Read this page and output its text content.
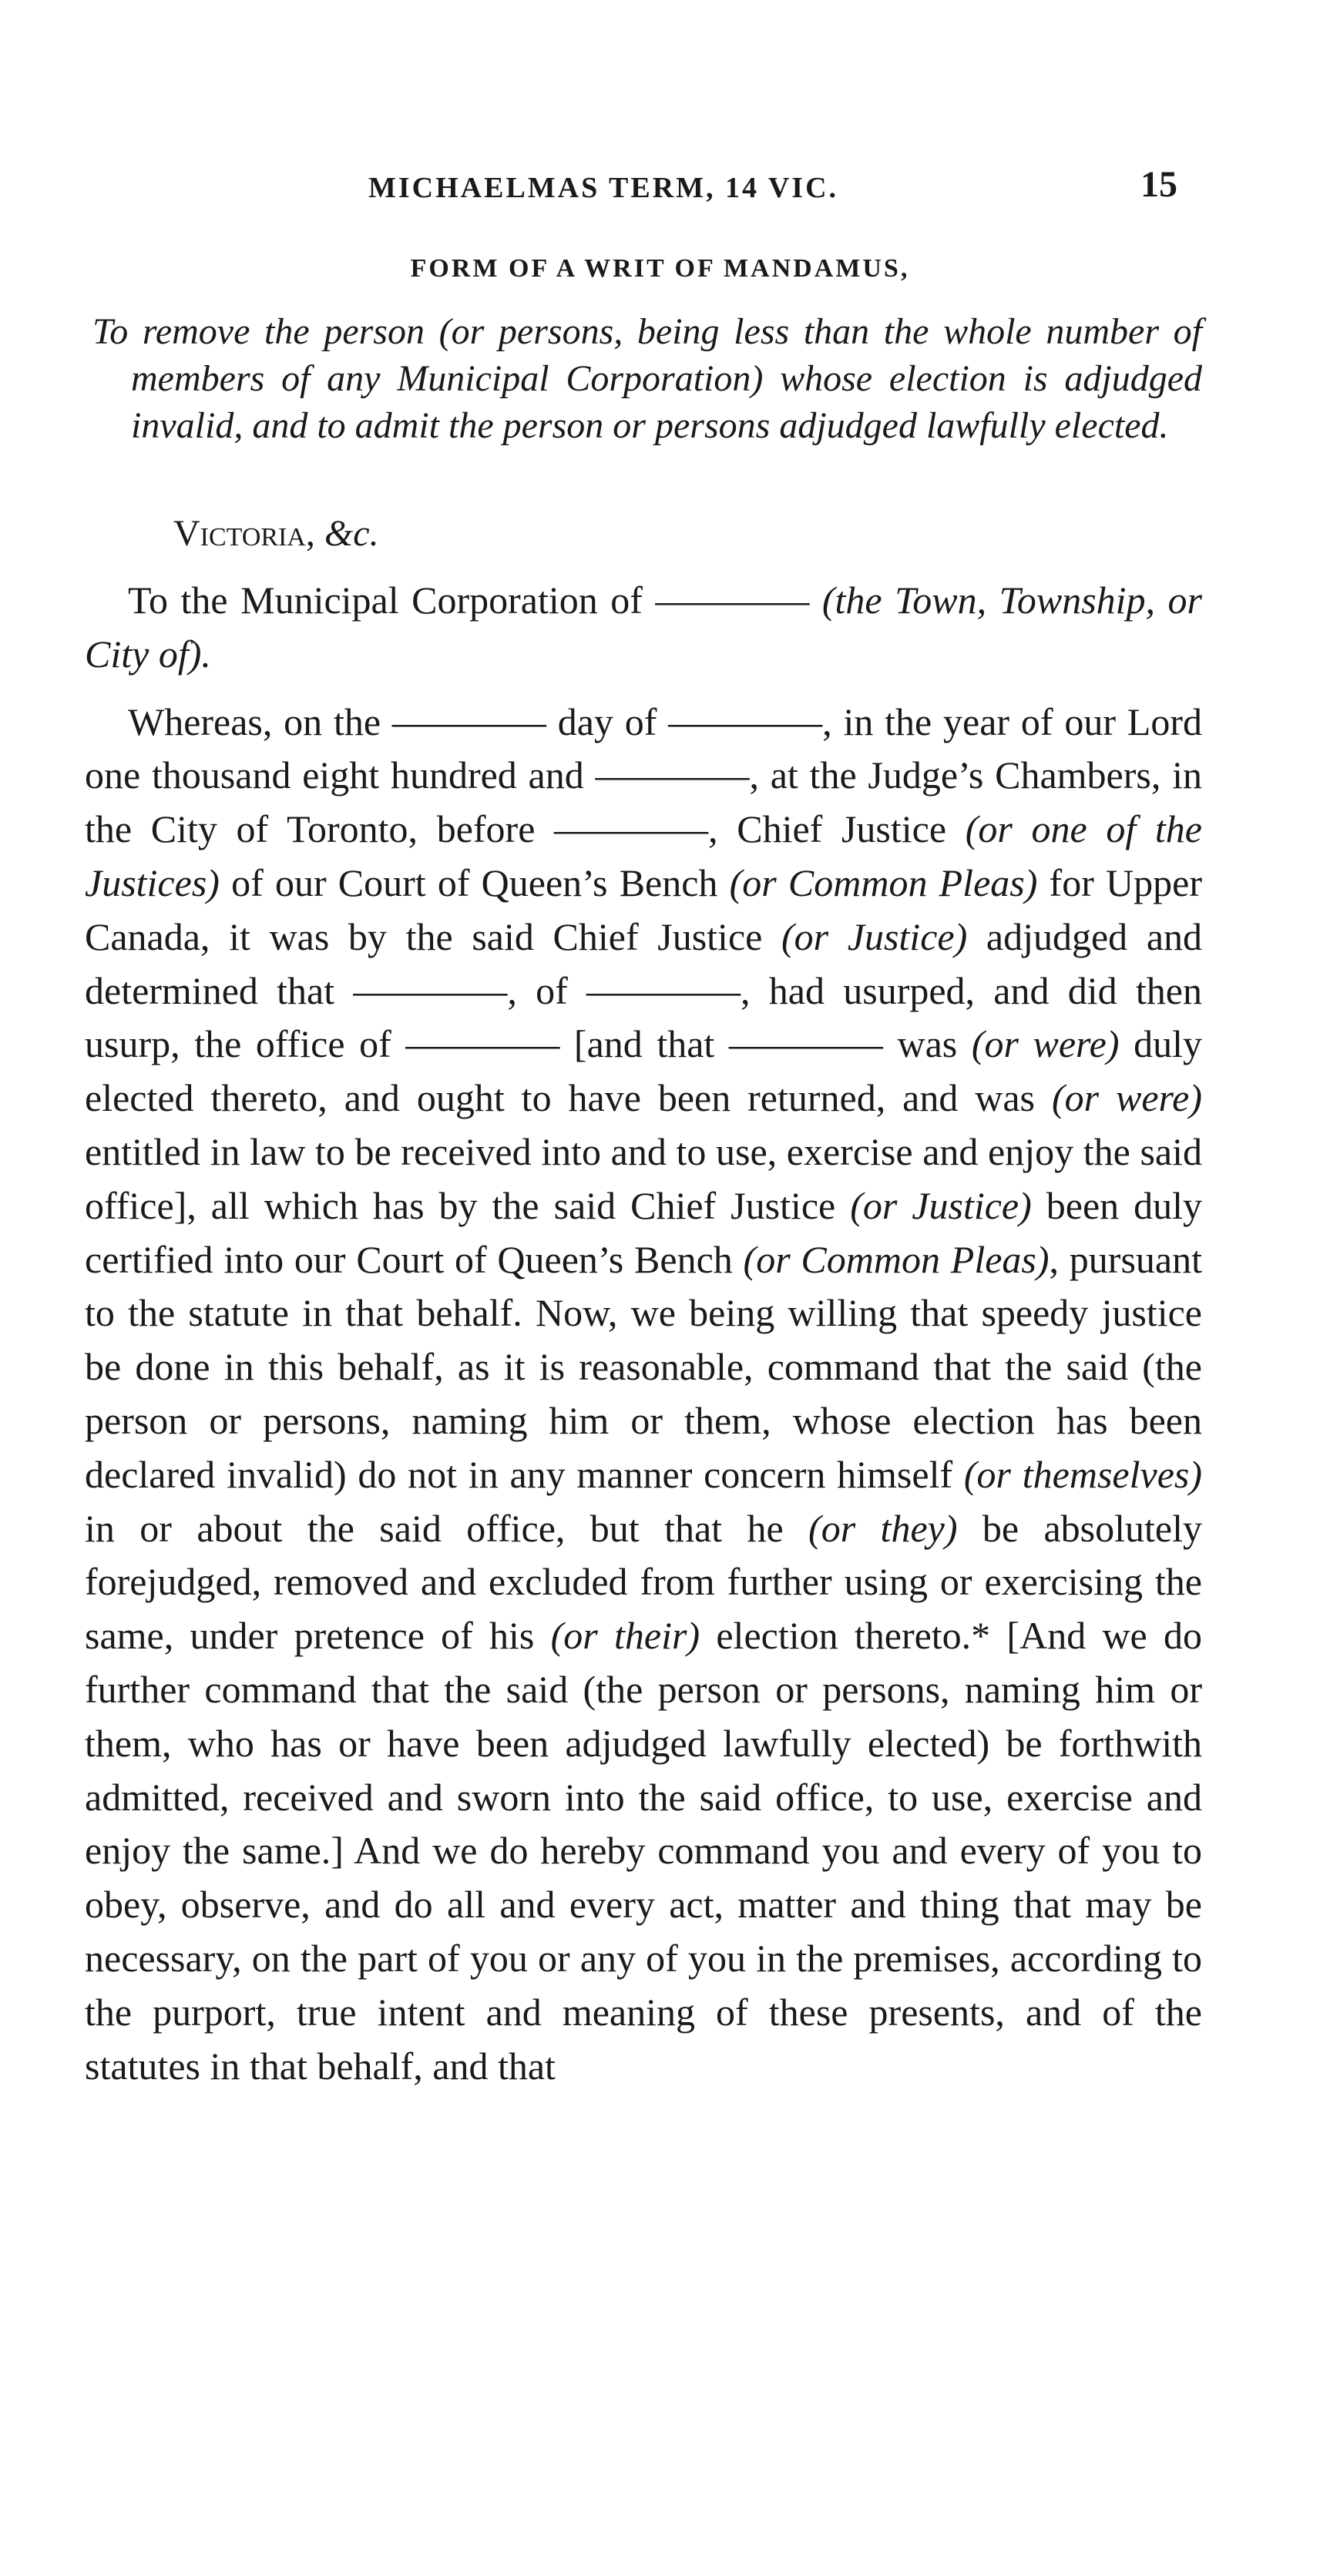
MICHAELMAS TERM, 14 VIC.	15
FORM OF A WRIT OF MANDAMUS,
To remove the person (or persons, being less than the whole number of members of any Municipal Corporation) whose election is adjudged invalid, and to admit the person or persons adjudged lawfully elected.
Victoria, &c.

To the Municipal Corporation of ———— (the Town, Township, or City of).

Whereas, on the ———— day of ————, in the year of our Lord one thousand eight hundred and ————, at the Judge’s Chambers, in the City of Toronto, before ————, Chief Justice (or one of the Justices) of our Court of Queen’s Bench (or Common Pleas) for Upper Canada, it was by the said Chief Justice (or Justice) adjudged and determined that ————, of ————, had usurped, and did then usurp, the office of ———— [and that ———— was (or were) duly elected thereto, and ought to have been returned, and was (or were) entitled in law to be received into and to use, exercise and enjoy the said office], all which has by the said Chief Justice (or Justice) been duly certified into our Court of Queen’s Bench (or Common Pleas), pursuant to the statute in that behalf. Now, we being willing that speedy justice be done in this behalf, as it is reasonable, command that the said (the person or persons, naming him or them, whose election has been declared invalid) do not in any manner concern himself (or themselves) in or about the said office, but that he (or they) be absolutely forejudged, removed and excluded from further using or exercising the same, under pretence of his (or their) election thereto.* [And we do further command that the said (the person or persons, naming him or them, who has or have been adjudged lawfully elected) be forthwith admitted, received and sworn into the said office, to use, exercise and enjoy the same.] And we do hereby command you and every of you to obey, observe, and do all and every act, matter and thing that may be necessary, on the part of you or any of you in the premises, according to the purport, true intent and meaning of these presents, and of the statutes in that behalf, and that
